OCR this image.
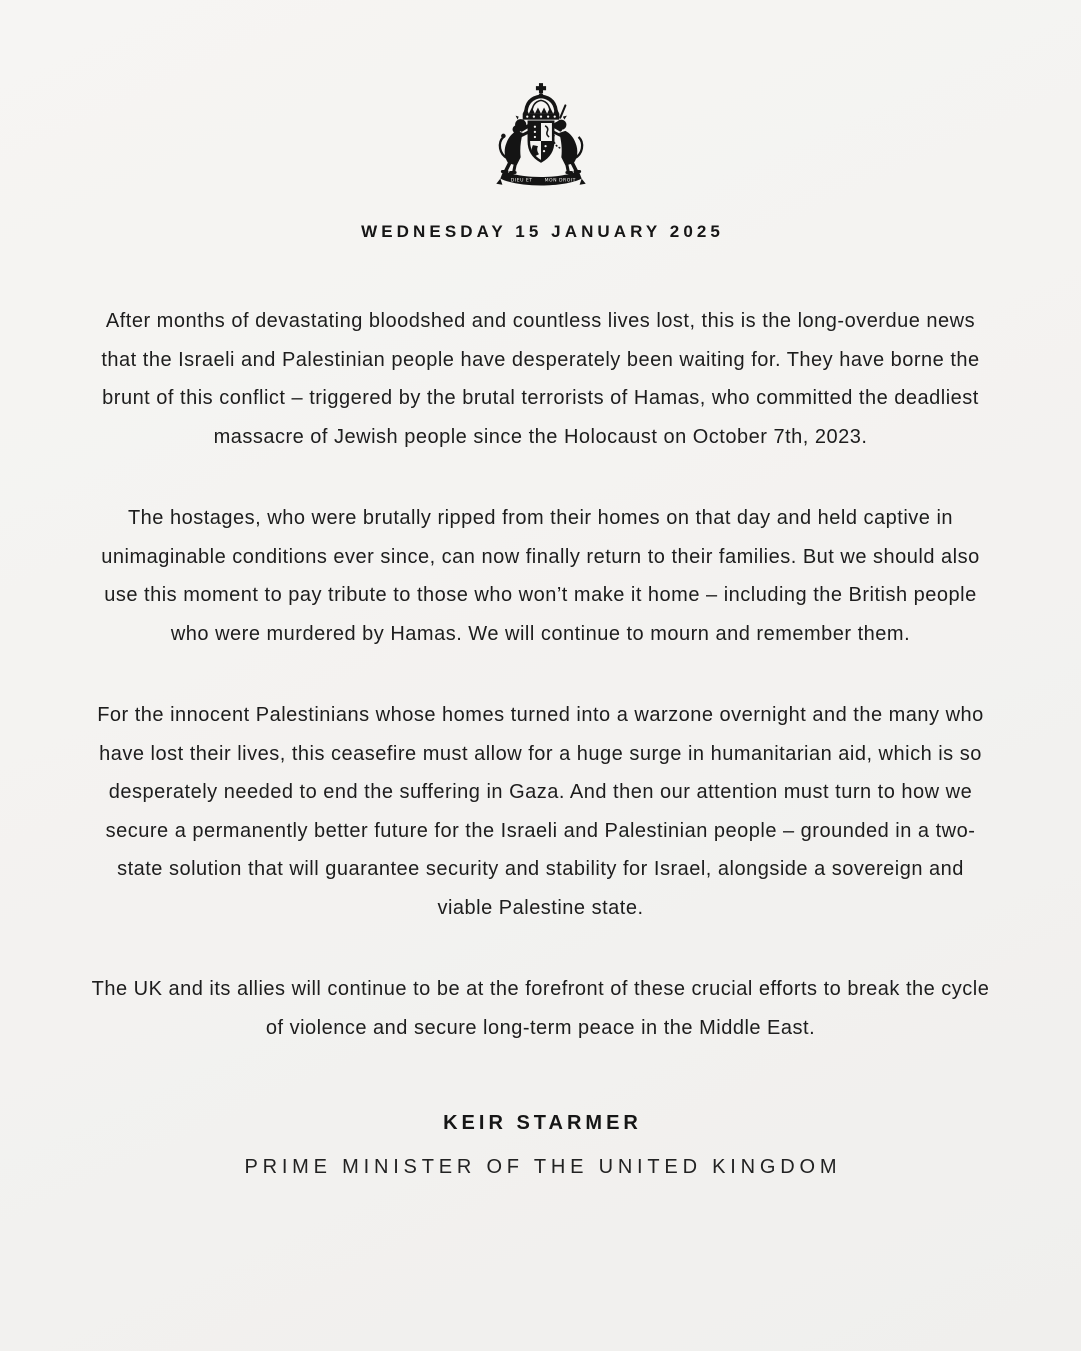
DIEU ET MON DROIT
WEDNESDAY 15 JANUARY 2025

After months of devastating bloodshed and countless lives lost, this is the long-overdue news that the Israeli and Palestinian people have desperately been waiting for. They have borne the brunt of this conflict – triggered by the brutal terrorists of Hamas, who committed the deadliest massacre of Jewish people since the Holocaust on October 7th, 2023.

The hostages, who were brutally ripped from their homes on that day and held captive in unimaginable conditions ever since, can now finally return to their families. But we should also use this moment to pay tribute to those who won’t make it home – including the British people who were murdered by Hamas. We will continue to mourn and remember them.

For the innocent Palestinians whose homes turned into a warzone overnight and the many who have lost their lives, this ceasefire must allow for a huge surge in humanitarian aid, which is so desperately needed to end the suffering in Gaza. And then our attention must turn to how we secure a permanently better future for the Israeli and Palestinian people – grounded in a two-state solution that will guarantee security and stability for Israel, alongside a sovereign and viable Palestine state.

The UK and its allies will continue to be at the forefront of these crucial efforts to break the cycle of violence and secure long-term peace in the Middle East.

KEIR STARMER
PRIME MINISTER OF THE UNITED KINGDOM
